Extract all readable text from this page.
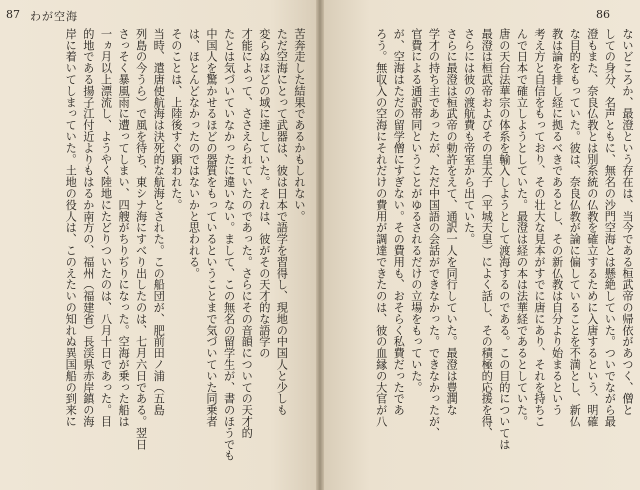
87 わが空海	86

ないどころか、最澄という存在は、当今である桓武帝の帰依があつく、僧と

しての身分、名声ともに、無名の沙門空海とは懸絶していた。ついでながら最

澄もまた、奈良仏教とは別系統の仏教を確立するために入唐するという、明確

な目的をもっていた。彼は、奈良仏教が論に偏していることを不満とし、新仏

教は論を排し経に拠るべきであるとし、その新仏教は自分より始まるという

考え方と自信をもっており、その壮大な見本がすでに唐にあり、それを持ちこ

んで日本で確立しようとしていた。最澄は経の本は法華経であるとしていた。

唐の天台法華宗の体系を輸入しようとして渡海するのである。この目的については

最澄は桓武帝およびその皇太子（平城天皇）によく話し、その積極的応援を得、

さらには彼の渡航費も帝室から出ていた。

さらに最澄は桓武帝の勅許をえて、通訳一人を同行していた。最澄は豊潤な

学才の持ち主であったが、ただ中国語の会話ができなかった。できなかったが、

官費による通訳帯同ということがゆるされるだけの立場をもっていた。

が、空海はただの留学僧にすぎない。その費用も、おそらく私費だったであ

ろう。無収入の空海にそれだけの費用が調達できたのは、彼の血縁の大官が八

苦奔走した結果であるかもしれない。

ただ空海にとって武器は、彼は日本で語学を習得し、現地の中国人と少しも

変らぬほどの域に達していた。それは、彼がその天才的な語学の

才能によって、ささえられていたのであった。さらにその音韻についての天才的

たとは気づいていなかったに違いない。まして、この無名の留学生が、書のほうでも

中国人を驚かせるほどの器質をもっているということまで気づいていた同乗者

は、ほとんどなかったのではないかと思われる。

そのことは、上陸後すぐ顕われた。

当時、遣唐使航海は決死的な航海とされた。この船団が、肥前田ノ浦（五島

列島の今うら）で風を待ち、東シナ海にすべり出したのは、七月六日である。翌日

さっそく暴風雨に遭ってしまい、四艘がちりぢりになった。空海が乗った船は

一ヵ月以上漂流し、ようやく陸地にたどりついたのは、八月十日であった。目

的地である揚子江付近よりもはるか南方の、福州（福建省）長渓県赤岸鎮の海

岸に着いてしまっていた。土地の役人は、このえたいの知れぬ異国船の到来に
